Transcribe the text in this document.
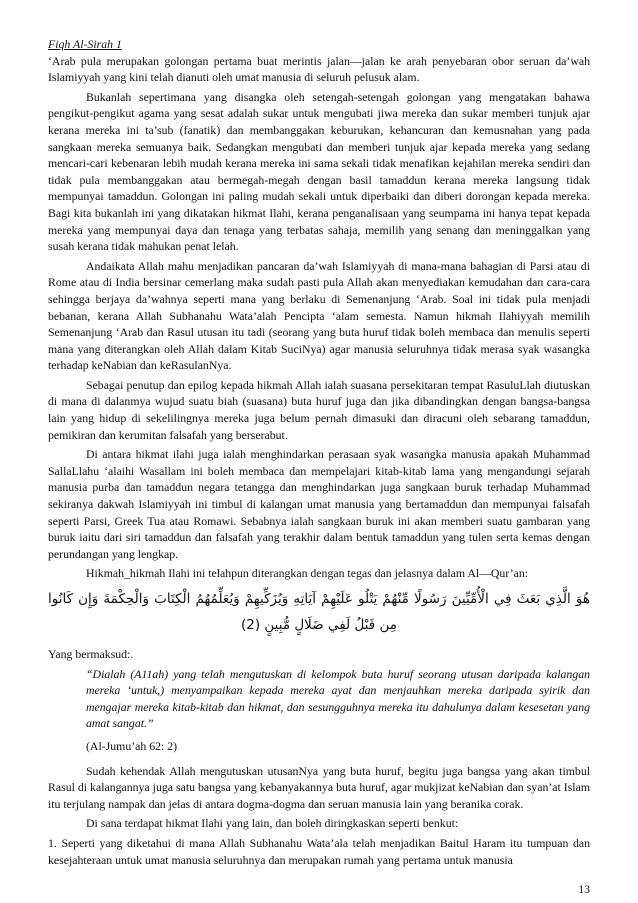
Fiqh Al-Sirah 1

‘Arab pula merupakan golongan pertama buat merintis jalan—jalan ke arah penyebaran obor seruan da’wah Islamiyyah yang kini telah dianuti oleh umat manusia di seluruh pelusuk alam.

Bukanlah sepertimana yang disangka oleh setengah-setengah golongan yang mengatakan bahawa pengikut-pengikut agama yang sesat adalah sukar untuk mengubati jiwa mereka dan sukar memberi tunjuk ajar kerana mereka ini ta’sub (fanatik) dan membanggakan keburukan, kehancuran dan kemusnahan yang pada sangkaan mereka semuanya baik. Sedangkan mengubati dan memberi tunjuk ajar kepada mereka yang sedang mencari-cari kebenaran lebih mudah kerana mereka ini sama sekali tidak menafikan kejahilan mereka sendiri dan tidak pula membanggakan atau bermegah-megah dengan basil tamaddun kerana mereka langsung tidak mempunyai tamaddun. Golongan ini paling mudah sekali untuk diperbaiki dan diberi dorongan kepada mereka. Bagi kita bukanlah ini yang dikatakan hikmat Ilahi, kerana penganalisaan yang seumpama ini hanya tepat kepada mereka yang mempunyai daya dan tenaga yang terbatas sahaja, memilih yang senang dan meninggalkan yang susah kerana tidak mahukan penat lelah.

Andaikata Allah mahu menjadikan pancaran da’wah Islamiyyah di mana-mana bahagian di Parsi atau di Rome atau di India bersinar cemerlang maka sudah pasti pula Allah akan menyediakan kemudahan dan cara-cara sehingga berjaya da’wahnya seperti mana yang berlaku di Semenanjung ‘Arab. Soal ini tidak pula menjadi bebanan, kerana Allah Subhanahu Wata’alah Pencipta ‘alam semesta. Namun hikmah Ilahiyyah memilih Semenanjung ‘Arab dan Rasul utusan itu tadi (seorang yang buta huruf tidak boleh membaca dan menulis seperti mana yang diterangkan oleh Allah dalam Kitab SuciNya) agar manusia seluruhnya tidak merasa syak wasangka terhadap keNabian dan keRasulanNya.

Sebagai penutup dan epilog kepada hikmah Allah ialah suasana persekitaran tempat RasuluLlah diutuskan di mana di dalanmya wujud suatu biah (suasana) buta huruf juga dan jika dibandingkan dengan bangsa-bangsa lain yang hidup di sekelilingnya mereka juga belum pernah dimasuki dan diracuni oleh sebarang tamaddun, pemikiran dan kerumitan falsafah yang berserabut.

Di antara hikmat ilahi juga ialah menghindarkan perasaan syak wasangka manusia apakah Muhammad SallaLlahu ‘alaihi Wasallam ini boleh membaca dan mempelajari kitab-kitab lama yang mengandungi sejarah manusia purba dan tamaddun negara tetangga dan menghindarkan juga sangkaan buruk terhadap Muhammad sekiranya dakwah Islamiyyah ini timbul di kalangan umat manusia yang bertamaddun dan mempunyai falsafah seperti Parsi, Greek Tua atau Romawi. Sebabnya ialah sangkaan buruk ini akan memberi suatu gambaran yang buruk iaitu dari siri tamaddun dan falsafah yang terakhir dalam bentuk tamaddun yang tulen serta kemas dengan perundangan yang lengkap.

Hikmah_hikmah Ilahi ini telahpun diterangkan dengan tegas dan jelasnya dalam Al—Qur’an:

هُوَ الَّذِي بَعَثَ فِي الْأُمِّيِّينَ رَسُولًا مِّنْهُمْ يَتْلُو عَلَيْهِمْ آيَاتِهِ وَيُزَكِّيهِمْ وَيُعَلِّمُهُمُ الْكِتَابَ وَالْحِكْمَةَ وَإِن كَانُوا مِن قَبْلُ لَفِي ضَلَالٍ مُّبِينٍ (2)

Yang bermaksud:.

“Dialah (A11ah) yang telah mengutuskan di kelompok buta huruf seorang utusan daripada kalangan mereka ‘untuk,) menyampaikan kepada mereka ayat dan menjauhkan mereka daripada syirik dan mengajar mereka kitab-kitab dan hikmat, dan sesungguhnya mereka itu dahulunya dalam kesesetan yang amat sangat.”
(Al-Jumu’ah 62: 2)

Sudah kehendak Allah mengutuskan utusanNya yang buta huruf, begitu juga bangsa yang akan timbul Rasul di kalangannya juga satu bangsa yang kebanyakannya buta huruf, agar mukjizat keNabian dan syan’at Islam itu terjulang nampak dan jelas di antara dogma-dogma dan seruan manusia lain yang beranika corak.

Di sana terdapat hikmat Ilahi yang lain, dan boleh diringkaskan seperti benkut:

1. Seperti yang diketahui di mana Allah Subhanahu Wata’ala telah menjadikan Baitul Haram itu tumpuan dan kesejahteraan untuk umat manusia seluruhnya dan merupakan rumah yang pertama untuk manusia

13
